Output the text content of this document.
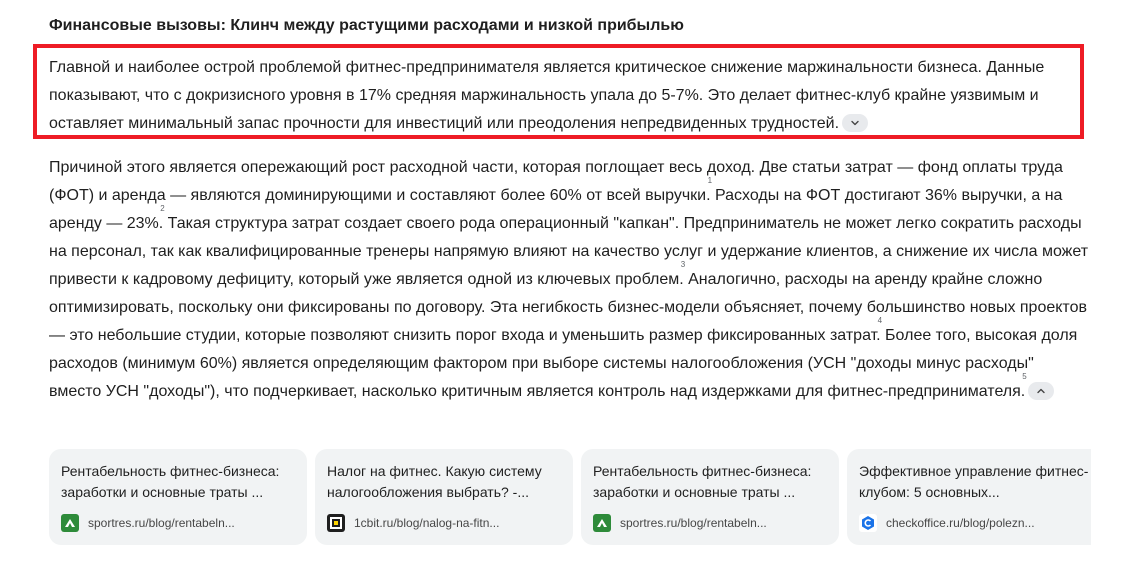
Финансовые вызовы: Клинч между растущими расходами и низкой прибылью
Главной и наиболее острой проблемой фитнес-предпринимателя является критическое снижение маржинальности бизнеса. Данные показывают, что с докризисного уровня в 17% средняя маржинальность упала до 5-7%. Это делает фитнес-клуб крайне уязвимым и оставляет минимальный запас прочности для инвестиций или преодоления непредвиденных трудностей.
Причиной этого является опережающий рост расходной части, которая поглощает весь доход. Две статьи затрат — фонд оплаты труда (ФОТ) и аренда — являются доминирующими и составляют более 60% от всей выручки.
1
Расходы на ФОТ достигают 36% выручки, а на аренду — 23%.
2
Такая структура затрат создает своего рода операционный "капкан". Предприниматель не может легко сократить расходы на персонал, так как квалифицированные тренеры напрямую влияют на качество услуг и удержание клиентов, а снижение их числа может привести к кадровому дефициту, который уже является одной из ключевых проблем.
3
Аналогично, расходы на аренду крайне сложно оптимизировать, поскольку они фиксированы по договору. Эта негибкость бизнес-модели объясняет, почему большинство новых проектов — это небольшие студии, которые позволяют снизить порог входа и уменьшить размер фиксированных затрат.
4
Более того, высокая доля расходов (минимум 60%) является определяющим фактором при выборе системы налогообложения (УСН "доходы минус расходы" вместо УСН "доходы"), что подчеркивает, насколько критичным является контроль над издержками для фитнес-предпринимателя.
5
Рентабельность фитнес-бизнеса: заработки и основные траты ...
sportres.ru/blog/rentabeln...
Налог на фитнес. Какую систему налогообложения выбрать? -...
1cbit.ru/blog/nalog-na-fitn...
Рентабельность фитнес-бизнеса: заработки и основные траты ...
sportres.ru/blog/rentabeln...
Эффективное управление фитнес-клубом: 5 основных...
checkoffice.ru/blog/polezn...
